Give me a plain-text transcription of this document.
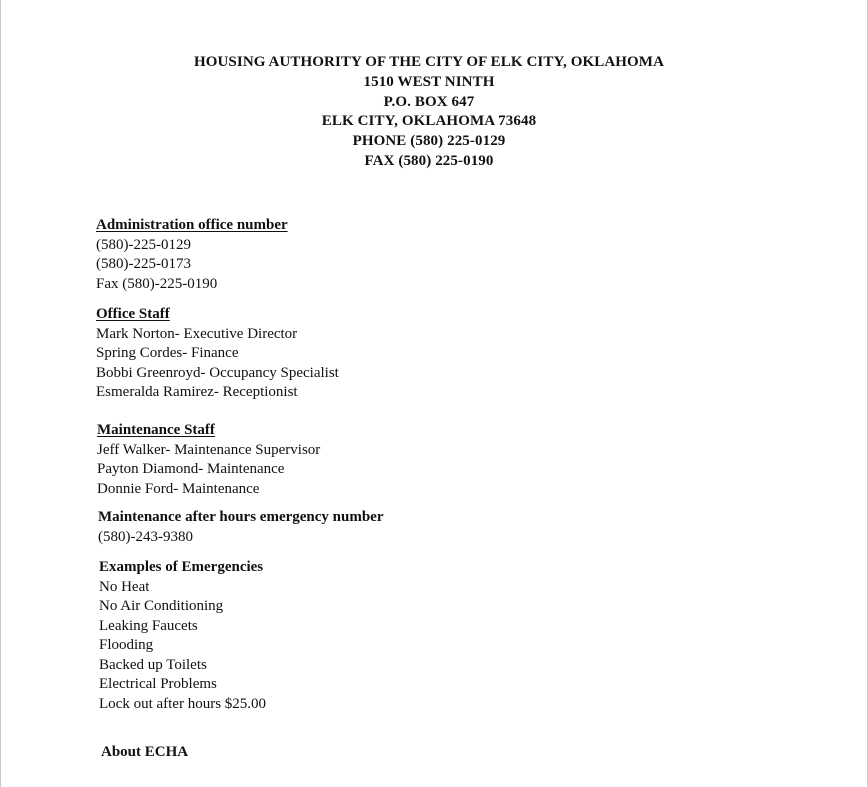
HOUSING AUTHORITY OF THE CITY OF ELK CITY, OKLAHOMA
1510 WEST NINTH
P.O. BOX 647
ELK CITY, OKLAHOMA 73648
PHONE (580) 225-0129
FAX (580) 225-0190
Administration office number
(580)-225-0129
(580)-225-0173
Fax (580)-225-0190
Office Staff
Mark Norton- Executive Director
Spring Cordes- Finance
Bobbi Greenroyd- Occupancy Specialist
Esmeralda Ramirez- Receptionist
Maintenance Staff
Jeff Walker- Maintenance Supervisor
Payton Diamond- Maintenance
Donnie Ford- Maintenance
Maintenance after hours emergency number
(580)-243-9380
Examples of Emergencies
No Heat
No Air Conditioning
Leaking Faucets
Flooding
Backed up Toilets
Electrical Problems
Lock out after hours $25.00
About ECHA
